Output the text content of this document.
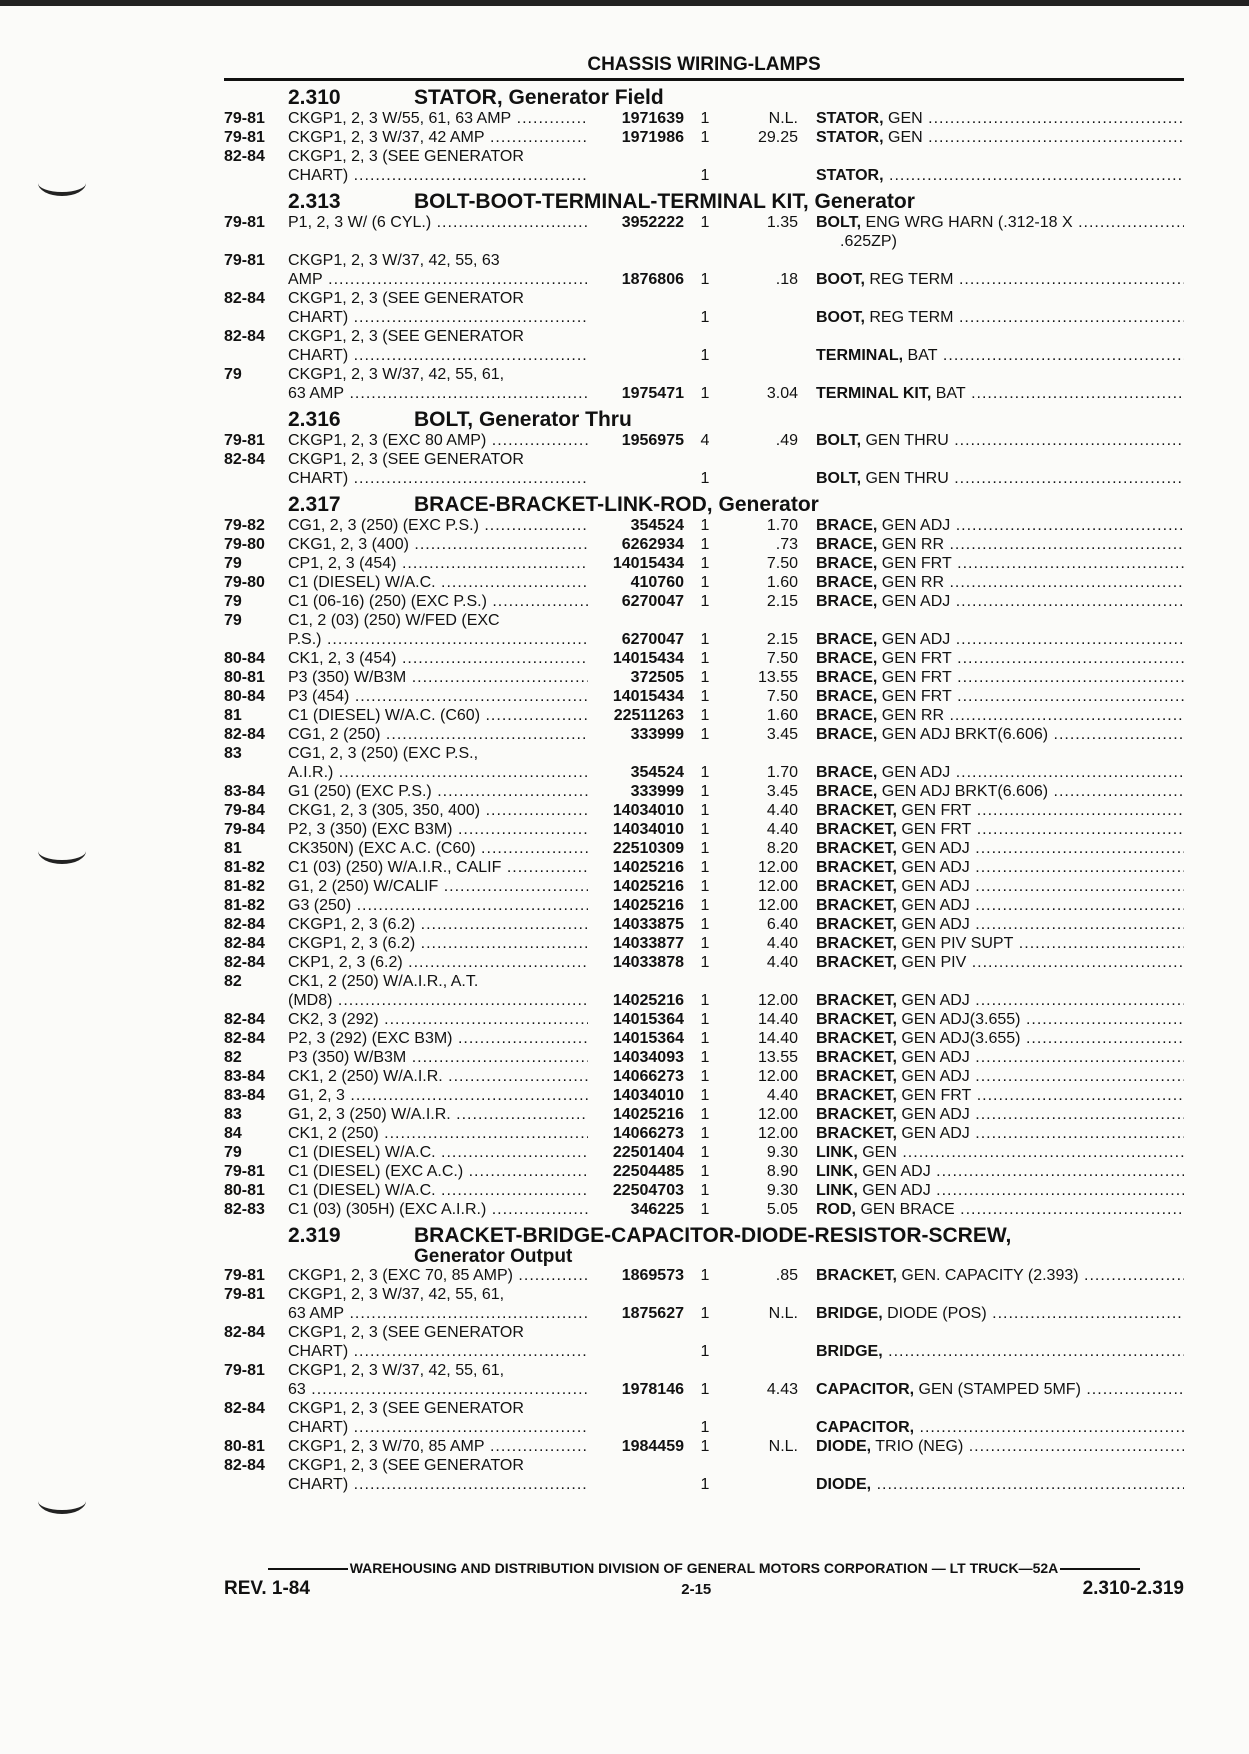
CHASSIS WIRING-LAMPS
2.310	STATOR, Generator Field
79-81	CKGP1, 2, 3 W/55, 61, 63 AMP .....	1971639	1	N.L.	STATOR, GEN .....
79-81	CKGP1, 2, 3 W/37, 42 AMP .....	1971986	1	29.25	STATOR, GEN .....
82-84	CKGP1, 2, 3 (SEE GENERATOR
CHART) .....	1	STATOR, .....
2.313	BOLT-BOOT-TERMINAL-TERMINAL KIT, Generator
79-81	P1, 2, 3 W/ (6 CYL.) .....	3952222	1	1.35	BOLT, ENG WRG HARN (.312-18 X .....
.625ZP)
79-81	CKGP1, 2, 3 W/37, 42, 55, 63
AMP .....	1876806	1	.18	BOOT, REG TERM .....
82-84	CKGP1, 2, 3 (SEE GENERATOR
CHART) .....	1	BOOT, REG TERM .....
82-84	CKGP1, 2, 3 (SEE GENERATOR
CHART) .....	1	TERMINAL, BAT .....
79	CKGP1, 2, 3 W/37, 42, 55, 61,
63 AMP .....	1975471	1	3.04	TERMINAL KIT, BAT .....
2.316	BOLT, Generator Thru
79-81	CKGP1, 2, 3 (EXC 80 AMP) .....	1956975	4	.49	BOLT, GEN THRU .....
82-84	CKGP1, 2, 3 (SEE GENERATOR
CHART) .....	1	BOLT, GEN THRU .....
2.317	BRACE-BRACKET-LINK-ROD, Generator
79-82	CG1, 2, 3 (250) (EXC P.S.) .....	354524	1	1.70	BRACE, GEN ADJ .....
79-80	CKG1, 2, 3 (400) .....	6262934	1	.73	BRACE, GEN RR .....
79	CP1, 2, 3 (454) .....	14015434	1	7.50	BRACE, GEN FRT .....
79-80	C1 (DIESEL) W/A.C. .....	410760	1	1.60	BRACE, GEN RR .....
79	C1 (06-16) (250) (EXC P.S.) .....	6270047	1	2.15	BRACE, GEN ADJ .....
79	C1, 2 (03) (250) W/FED (EXC
P.S.) .....	6270047	1	2.15	BRACE, GEN ADJ .....
80-84	CK1, 2, 3 (454) .....	14015434	1	7.50	BRACE, GEN FRT .....
80-81	P3 (350) W/B3M .....	372505	1	13.55	BRACE, GEN FRT .....
80-84	P3 (454) .....	14015434	1	7.50	BRACE, GEN FRT .....
81	C1 (DIESEL) W/A.C. (C60) .....	22511263	1	1.60	BRACE, GEN RR .....
82-84	CG1, 2 (250) .....	333999	1	3.45	BRACE, GEN ADJ BRKT(6.606) .....
83	CG1, 2, 3 (250) (EXC P.S.,
A.I.R.) .....	354524	1	1.70	BRACE, GEN ADJ .....
83-84	G1 (250) (EXC P.S.) .....	333999	1	3.45	BRACE, GEN ADJ BRKT(6.606) .....
79-84	CKG1, 2, 3 (305, 350, 400) .....	14034010	1	4.40	BRACKET, GEN FRT .....
79-84	P2, 3 (350) (EXC B3M) .....	14034010	1	4.40	BRACKET, GEN FRT .....
81	CK350N) (EXC A.C. (C60) .....	22510309	1	8.20	BRACKET, GEN ADJ .....
81-82	C1 (03) (250) W/A.I.R., CALIF .....	14025216	1	12.00	BRACKET, GEN ADJ .....
81-82	G1, 2 (250) W/CALIF .....	14025216	1	12.00	BRACKET, GEN ADJ .....
81-82	G3 (250) .....	14025216	1	12.00	BRACKET, GEN ADJ .....
82-84	CKGP1, 2, 3 (6.2) .....	14033875	1	6.40	BRACKET, GEN ADJ .....
82-84	CKGP1, 2, 3 (6.2) .....	14033877	1	4.40	BRACKET, GEN PIV SUPT .....
82-84	CKP1, 2, 3 (6.2) .....	14033878	1	4.40	BRACKET, GEN PIV .....
82	CK1, 2 (250) W/A.I.R., A.T.
(MD8) .....	14025216	1	12.00	BRACKET, GEN ADJ .....
82-84	CK2, 3 (292) .....	14015364	1	14.40	BRACKET, GEN ADJ(3.655) .....
82-84	P2, 3 (292) (EXC B3M) .....	14015364	1	14.40	BRACKET, GEN ADJ(3.655) .....
82	P3 (350) W/B3M .....	14034093	1	13.55	BRACKET, GEN ADJ .....
83-84	CK1, 2 (250) W/A.I.R. .....	14066273	1	12.00	BRACKET, GEN ADJ .....
83-84	G1, 2, 3 .....	14034010	1	4.40	BRACKET, GEN FRT .....
83	G1, 2, 3 (250) W/A.I.R. .....	14025216	1	12.00	BRACKET, GEN ADJ .....
84	CK1, 2 (250) .....	14066273	1	12.00	BRACKET, GEN ADJ .....
79	C1 (DIESEL) W/A.C. .....	22501404	1	9.30	LINK, GEN .....
79-81	C1 (DIESEL) (EXC A.C.) .....	22504485	1	8.90	LINK, GEN ADJ .....
80-81	C1 (DIESEL) W/A.C. .....	22504703	1	9.30	LINK, GEN ADJ .....
82-83	C1 (03) (305H) (EXC A.I.R.) .....	346225	1	5.05	ROD, GEN BRACE .....
2.319	BRACKET-BRIDGE-CAPACITOR-DIODE-RESISTOR-SCREW,
Generator Output
79-81	CKGP1, 2, 3 (EXC 70, 85 AMP) .....	1869573	1	.85	BRACKET, GEN. CAPACITY (2.393) .....
79-81	CKGP1, 2, 3 W/37, 42, 55, 61,
63 AMP .....	1875627	1	N.L.	BRIDGE, DIODE (POS) .....
82-84	CKGP1, 2, 3 (SEE GENERATOR
CHART) .....	1	BRIDGE, .....
79-81	CKGP1, 2, 3 W/37, 42, 55, 61,
63 .....	1978146	1	4.43	CAPACITOR, GEN (STAMPED 5MF) .....
82-84	CKGP1, 2, 3 (SEE GENERATOR
CHART) .....	1	CAPACITOR, .....
80-81	CKGP1, 2, 3 W/70, 85 AMP .....	1984459	1	N.L.	DIODE, TRIO (NEG) .....
82-84	CKGP1, 2, 3 (SEE GENERATOR
CHART) .....	1	DIODE, .....
WAREHOUSING AND DISTRIBUTION DIVISION OF GENERAL MOTORS CORPORATION — LT TRUCK—52A
REV. 1-84	2-15	2.310-2.319
